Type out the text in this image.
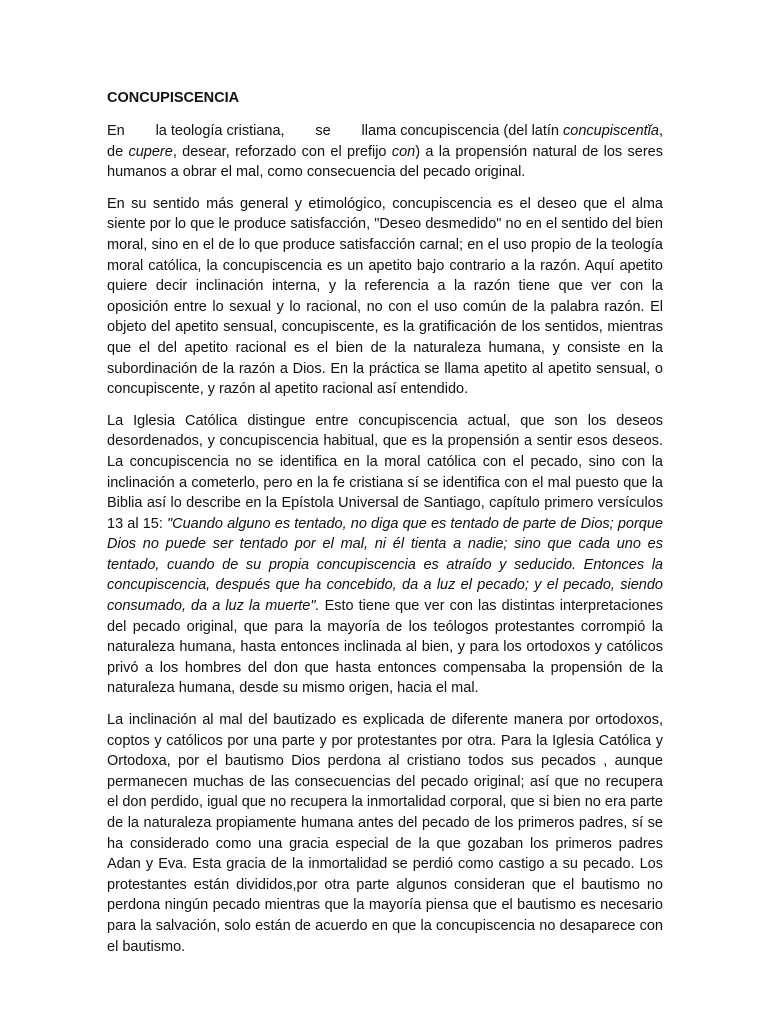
CONCUPISCENCIA
En la teología cristiana, se llama concupiscencia (del latín concupiscentĭa,
de cupere, desear, reforzado con el prefijo con) a la propensión natural de los seres humanos a obrar el mal, como consecuencia del pecado original.
En su sentido más general y etimológico, concupiscencia es el deseo que el alma siente por lo que le produce satisfacción, "Deseo desmedido" no en el sentido del bien moral, sino en el de lo que produce satisfacción carnal; en el uso propio de la teología moral católica, la concupiscencia es un apetito bajo contrario a la razón. Aquí apetito quiere decir inclinación interna, y la referencia a la razón tiene que ver con la oposición entre lo sexual y lo racional, no con el uso común de la palabra razón. El objeto del apetito sensual, concupiscente, es la gratificación de los sentidos, mientras que el del apetito racional es el bien de la naturaleza humana, y consiste en la subordinación de la razón a Dios. En la práctica se llama apetito al apetito sensual, o concupiscente, y razón al apetito racional así entendido.
La Iglesia Católica distingue entre concupiscencia actual, que son los deseos desordenados, y concupiscencia habitual, que es la propensión a sentir esos deseos. La concupiscencia no se identifica en la moral católica con el pecado, sino con la inclinación a cometerlo, pero en la fe cristiana sí se identifica con el mal puesto que la Biblia así lo describe en la Epístola Universal de Santiago, capítulo primero versículos 13 al 15: "Cuando alguno es tentado, no diga que es tentado de parte de Dios; porque Dios no puede ser tentado por el mal, ni él tienta a nadie; sino que cada uno es tentado, cuando de su propia concupiscencia es atraído y seducido. Entonces la concupiscencia, después que ha concebido, da a luz el pecado; y el pecado, siendo consumado, da a luz la muerte". Esto tiene que ver con las distintas interpretaciones del pecado original, que para la mayoría de los teólogos protestantes corrompió la naturaleza humana, hasta entonces inclinada al bien, y para los ortodoxos y católicos privó a los hombres del don que hasta entonces compensaba la propensión de la naturaleza humana, desde su mismo origen, hacia el mal.
La inclinación al mal del bautizado es explicada de diferente manera por ortodoxos, coptos y católicos por una parte y por protestantes por otra. Para la Iglesia Católica y Ortodoxa, por el bautismo Dios perdona al cristiano todos sus pecados , aunque permanecen muchas de las consecuencias del pecado original; así que no recupera el don perdido, igual que no recupera la inmortalidad corporal, que si bien no era parte de la naturaleza propiamente humana antes del pecado de los primeros padres, sí se ha considerado como una gracia especial de la que gozaban los primeros padres Adan y Eva. Esta gracia de la inmortalidad se perdió como castigo a su pecado. Los protestantes están divididos,por otra parte algunos consideran que el bautismo no perdona ningún pecado mientras que la mayoría piensa que el bautismo es necesario para la salvación, solo están de acuerdo en que la concupiscencia no desaparece con el bautismo.
